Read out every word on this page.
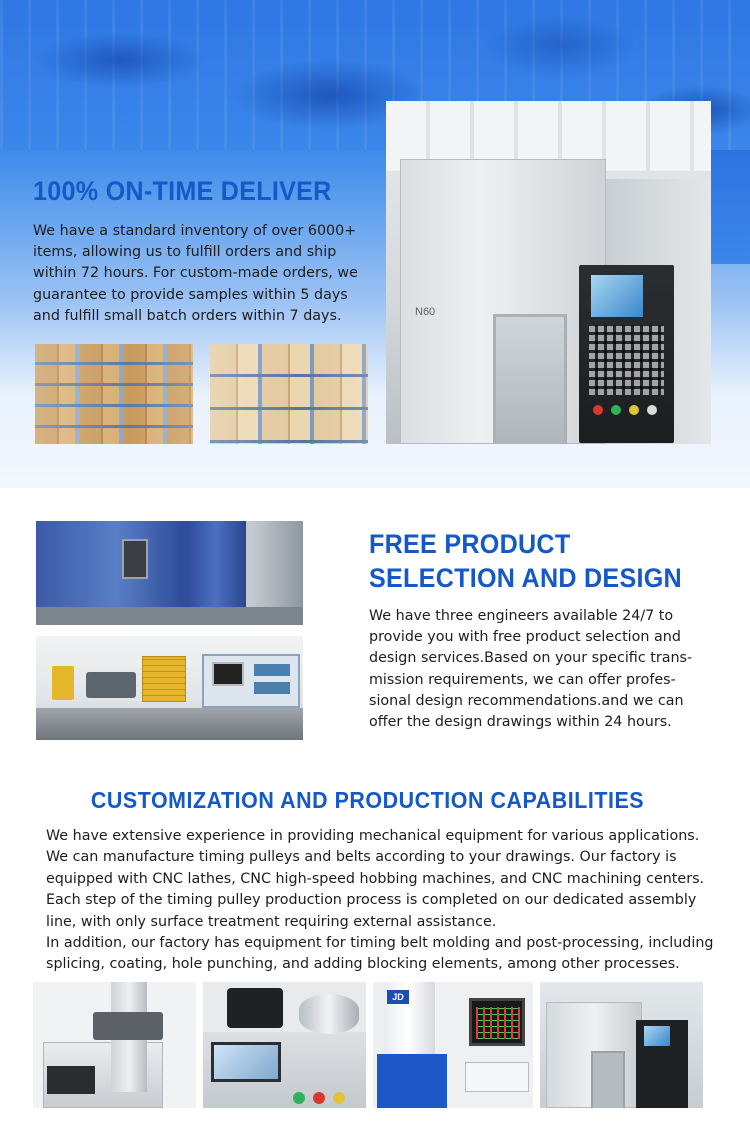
100% ON-TIME DELIVER

We have a standard inventory of over 6000+ items, allowing us to fulfill orders and ship within 72 hours. For custom-made orders, we guarantee to provide samples within 5 days and fulfill small batch orders within 7 days.	N60
FREE PRODUCT
SELECTION AND DESIGN

We have three engineers available 24/7 to provide you with free product selection and design services.Based on your specific trans-mission requirements, we can offer profes-sional design recommendations.and we can offer the design drawings within 24 hours.

CUSTOMIZATION AND PRODUCTION CAPABILITIES

We have extensive experience in providing mechanical equipment for various applications. We can manufacture timing pulleys and belts according to your drawings. Our factory is equipped with CNC lathes, CNC high-speed hobbing machines, and CNC machining centers. Each step of the timing pulley production process is completed on our dedicated assembly line, with only surface treatment requiring external assistance.

In addition, our factory has equipment for timing belt molding and post-processing, including splicing, coating, hole punching, and adding blocking elements, among other processes.

JD
